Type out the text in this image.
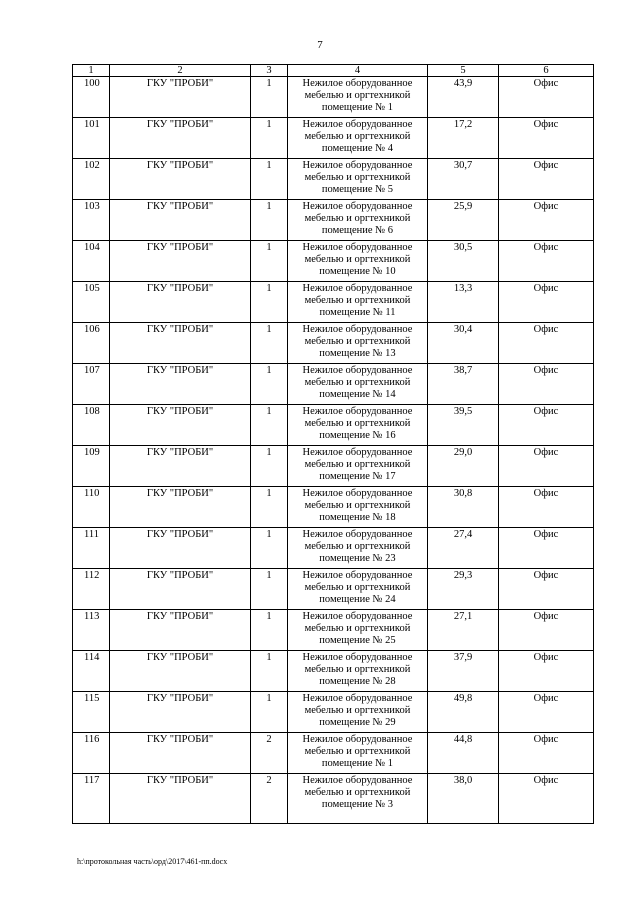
7
1	2	3	4	5	6
100	ГКУ "ПРОБИ"	1	Нежилое оборудованное мебелью и оргтехникой помещение № 1	43,9	Офис
101	ГКУ "ПРОБИ"	1	Нежилое оборудованное мебелью и оргтехникой помещение № 4	17,2	Офис
102	ГКУ "ПРОБИ"	1	Нежилое оборудованное мебелью и оргтехникой помещение № 5	30,7	Офис
103	ГКУ "ПРОБИ"	1	Нежилое оборудованное мебелью и оргтехникой помещение № 6	25,9	Офис
104	ГКУ "ПРОБИ"	1	Нежилое оборудованное мебелью и оргтехникой помещение № 10	30,5	Офис
105	ГКУ "ПРОБИ"	1	Нежилое оборудованное мебелью и оргтехникой помещение № 11	13,3	Офис
106	ГКУ "ПРОБИ"	1	Нежилое оборудованное мебелью и оргтехникой помещение № 13	30,4	Офис
107	ГКУ "ПРОБИ"	1	Нежилое оборудованное мебелью и оргтехникой помещение № 14	38,7	Офис
108	ГКУ "ПРОБИ"	1	Нежилое оборудованное мебелью и оргтехникой помещение № 16	39,5	Офис
109	ГКУ "ПРОБИ"	1	Нежилое оборудованное мебелью и оргтехникой помещение № 17	29,0	Офис
110	ГКУ "ПРОБИ"	1	Нежилое оборудованное мебелью и оргтехникой помещение № 18	30,8	Офис
111	ГКУ "ПРОБИ"	1	Нежилое оборудованное мебелью и оргтехникой помещение № 23	27,4	Офис
112	ГКУ "ПРОБИ"	1	Нежилое оборудованное мебелью и оргтехникой помещение № 24	29,3	Офис
113	ГКУ "ПРОБИ"	1	Нежилое оборудованное мебелью и оргтехникой помещение № 25	27,1	Офис
114	ГКУ "ПРОБИ"	1	Нежилое оборудованное мебелью и оргтехникой помещение № 28	37,9	Офис
115	ГКУ "ПРОБИ"	1	Нежилое оборудованное мебелью и оргтехникой помещение № 29	49,8	Офис
116	ГКУ "ПРОБИ"	2	Нежилое оборудованное мебелью и оргтехникой помещение № 1	44,8	Офис
117	ГКУ "ПРОБИ"	2	Нежилое оборудованное мебелью и оргтехникой помещение № 3	38,0	Офис
h:\протокольная часть\орд\2017\461-пп.docx
